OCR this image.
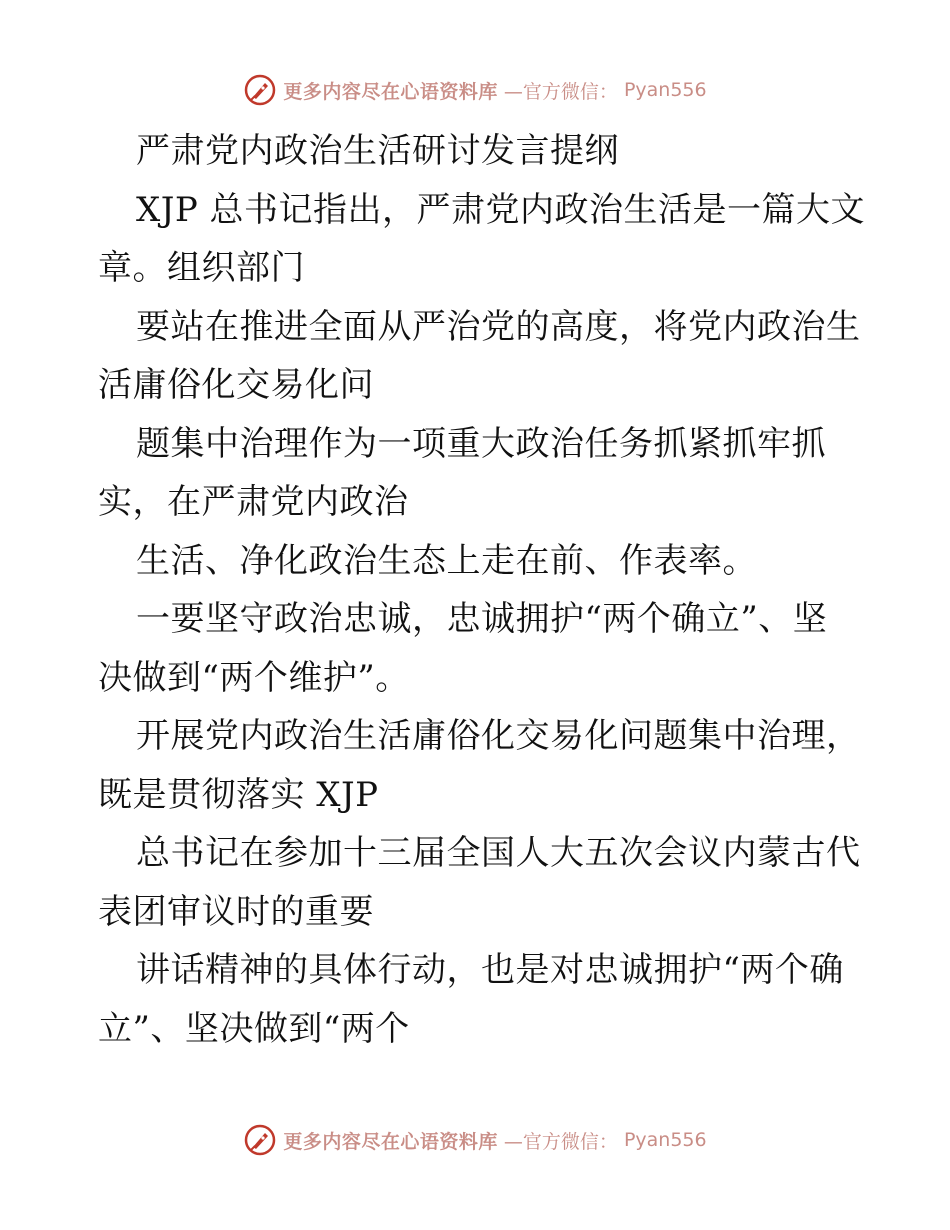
更多内容尽在心语资料库 —官方微信： Pyan556
严肃党内政治生活研讨发言提纲
XJP 总书记指出，严肃党内政治生活是一篇大文
章。组织部门
要站在推进全面从严治党的高度，将党内政治生
活庸俗化交易化问
题集中治理作为一项重大政治任务抓紧抓牢抓
实，在严肃党内政治
生活、净化政治生态上走在前、作表率。
一要坚守政治忠诚，忠诚拥护“两个确立”、坚
决做到“两个维护”。
开展党内政治生活庸俗化交易化问题集中治理，
既是贯彻落实 XJP
总书记在参加十三届全国人大五次会议内蒙古代
表团审议时的重要
讲话精神的具体行动，也是对忠诚拥护“两个确
立”、坚决做到“两个
更多内容尽在心语资料库 —官方微信： Pyan556
